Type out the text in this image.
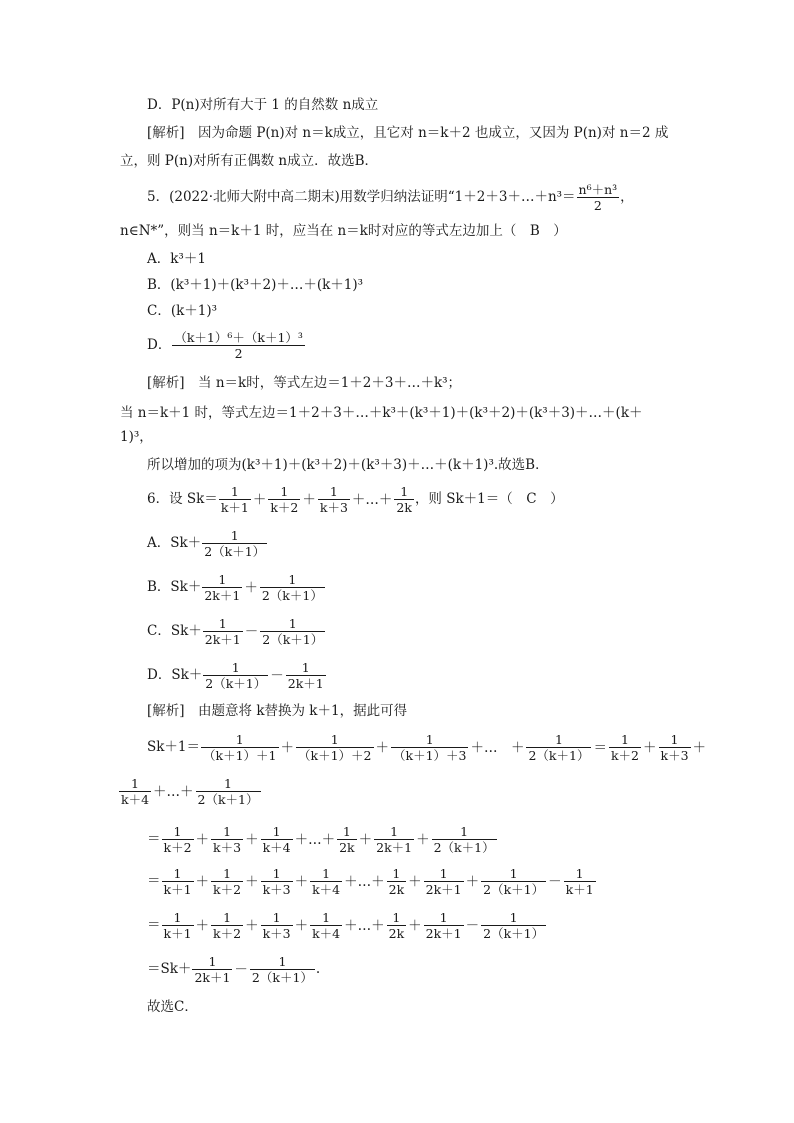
D．P(n)对所有大于 1 的自然数 n成立
[解析]　因为命题 P(n)对 n＝k成立，且它对 n＝k＋2 也成立，又因为 P(n)对 n＝2 成
立，则 P(n)对所有正偶数 n成立．故选B．
5．(2022·北师大附中高二期末)用数学归纳法证明“1＋2＋3＋…＋n³＝ $\frac{\text{n⁶＋n³}}{2}$ ，
n∈N*”，则当 n＝k＋1 时，应当在 n＝k时对应的等式左边加上（　B　）
A．k³＋1
B．(k³＋1)＋(k³＋2)＋…＋(k＋1)³
C．(k＋1)³
D． $\frac{\text{（k＋1）⁶＋（k＋1）³}}{2}$
[解析]　当 n＝k时，等式左边＝1＋2＋3＋…＋k³；
当 n＝k＋1 时，等式左边＝1＋2＋3＋…＋k³＋(k³＋1)＋(k³＋2)＋(k³＋3)＋…＋(k＋
1)³，
所以增加的项为(k³＋1)＋(k³＋2)＋(k³＋3)＋…＋(k＋1)³.故选B．
6．设 $Sk= \frac{1}{k+1} + \frac{1}{k+2} + \frac{1}{k+3}$ ＋…＋ $\frac{1}{2k}$ ，则 Sk＋1＝（　C　）
A．$Sk+ \frac{1}{2(k+1)}$
B．$Sk+ \frac{1}{2k+1} + \frac{1}{2(k+1)}$
C．$Sk+ \frac{1}{2k+1} - \frac{1}{2(k+1)}$
D．$Sk+ \frac{1}{2(k+1)} - \frac{1}{2k+1}$
[解析]　由题意将 k替换为 k＋1，据此可得
$Sk+1= \frac{1}{(k+1)+1} + \frac{1}{(k+1)+2} + \frac{1}{(k+1)+3}$ ＋…　＋ $\frac{1}{2(k+1)} = \frac{1}{k+2} + \frac{1}{k+3}$ ＋
$\frac{1}{k+4}$ ＋…＋ $\frac{1}{2(k+1)}$
＝ $\frac{1}{k+2} + \frac{1}{k+3} + \frac{1}{k+4}$ ＋…＋ $\frac{1}{2k} + \frac{1}{2k+1} + \frac{1}{2(k+1)}$
＝ $\frac{1}{k+1} + \frac{1}{k+2} + \frac{1}{k+3} + \frac{1}{k+4}$ ＋…＋ $\frac{1}{2k} + \frac{1}{2k+1} + \frac{1}{2(k+1)} - \frac{1}{k+1}$
＝ $\frac{1}{k+1} + \frac{1}{k+2} + \frac{1}{k+3} + \frac{1}{k+4}$ ＋…＋ $\frac{1}{2k} + \frac{1}{2k+1} - \frac{1}{2(k+1)}$
$=Sk+ \frac{1}{2k+1} - \frac{1}{2(k+1)}$ .
故选C．
